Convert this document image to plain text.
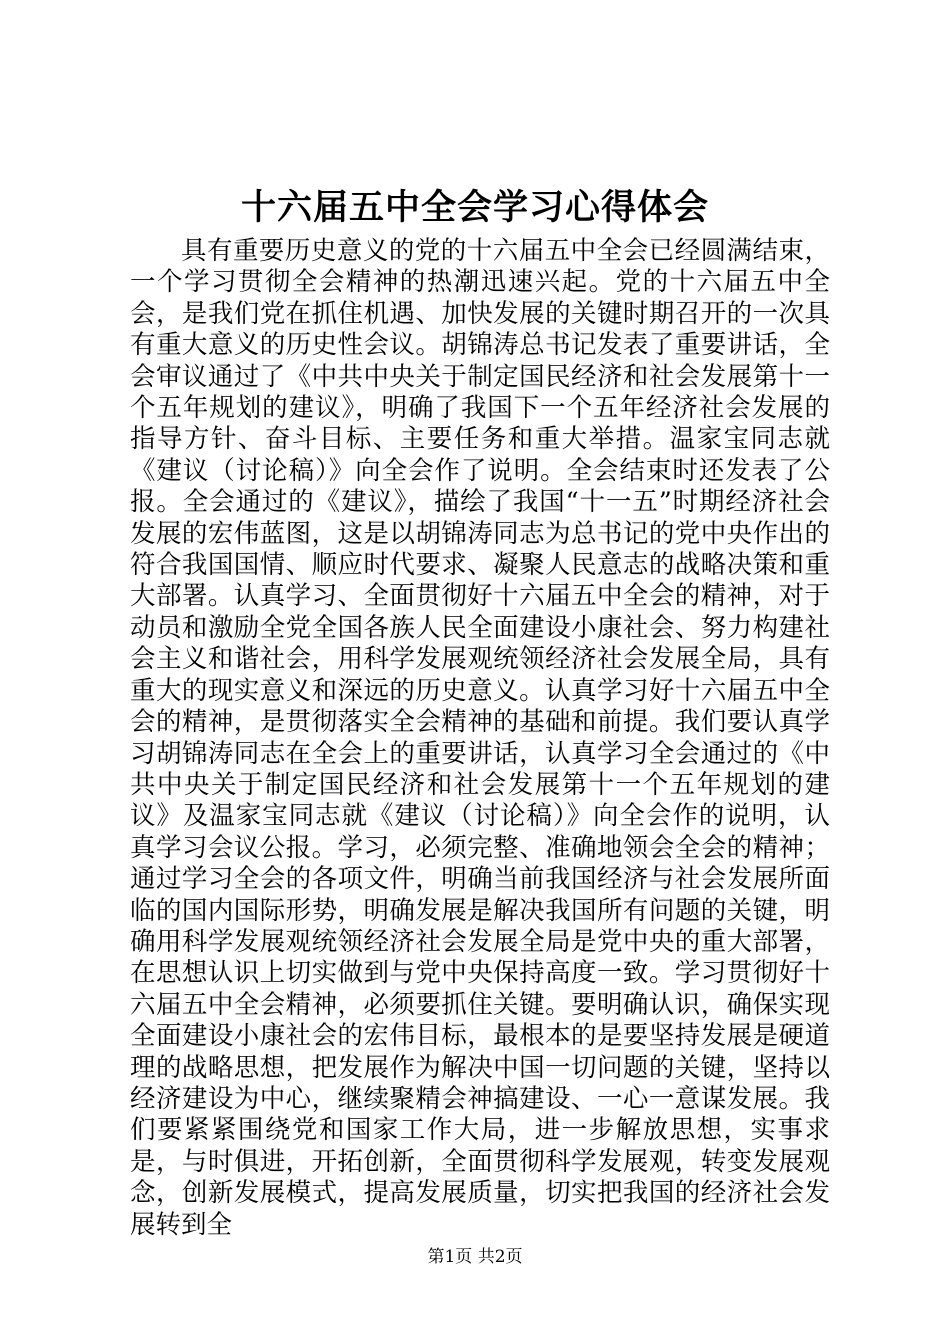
十六届五中全会学习心得体会

具有重要历史意义的党的十六届五中全会已经圆满结束，一个学习贯彻全会精神的热潮迅速兴起。党的十六届五中全会，是我们党在抓住机遇、加快发展的关键时期召开的一次具有重大意义的历史性会议。胡锦涛总书记发表了重要讲话，全会审议通过了《中共中央关于制定国民经济和社会发展第十一个五年规划的建议》，明确了我国下一个五年经济社会发展的指导方针、奋斗目标、主要任务和重大举措。温家宝同志就《建议（讨论稿）》向全会作了说明。全会结束时还发表了公报。全会通过的《建议》，描绘了我国“十一五”时期经济社会发展的宏伟蓝图，这是以胡锦涛同志为总书记的党中央作出的符合我国国情、顺应时代要求、凝聚人民意志的战略决策和重大部署。认真学习、全面贯彻好十六届五中全会的精神，对于动员和激励全党全国各族人民全面建设小康社会、努力构建社会主义和谐社会，用科学发展观统领经济社会发展全局，具有重大的现实意义和深远的历史意义。认真学习好十六届五中全会的精神，是贯彻落实全会精神的基础和前提。我们要认真学习胡锦涛同志在全会上的重要讲话，认真学习全会通过的《中共中央关于制定国民经济和社会发展第十一个五年规划的建议》及温家宝同志就《建议（讨论稿）》向全会作的说明，认真学习会议公报。学习，必须完整、准确地领会全会的精神；通过学习全会的各项文件，明确当前我国经济与社会发展所面临的国内国际形势，明确发展是解决我国所有问题的关键，明确用科学发展观统领经济社会发展全局是党中央的重大部署，在思想认识上切实做到与党中央保持高度一致。学习贯彻好十六届五中全会精神，必须要抓住关键。要明确认识，确保实现全面建设小康社会的宏伟目标，最根本的是要坚持发展是硬道理的战略思想，把发展作为解决中国一切问题的关键，坚持以经济建设为中心，继续聚精会神搞建设、一心一意谋发展。我们要紧紧围绕党和国家工作大局，进一步解放思想，实事求是，与时俱进，开拓创新，全面贯彻科学发展观，转变发展观念，创新发展模式，提高发展质量，切实把我国的经济社会发展转到全

第1页 共2页
